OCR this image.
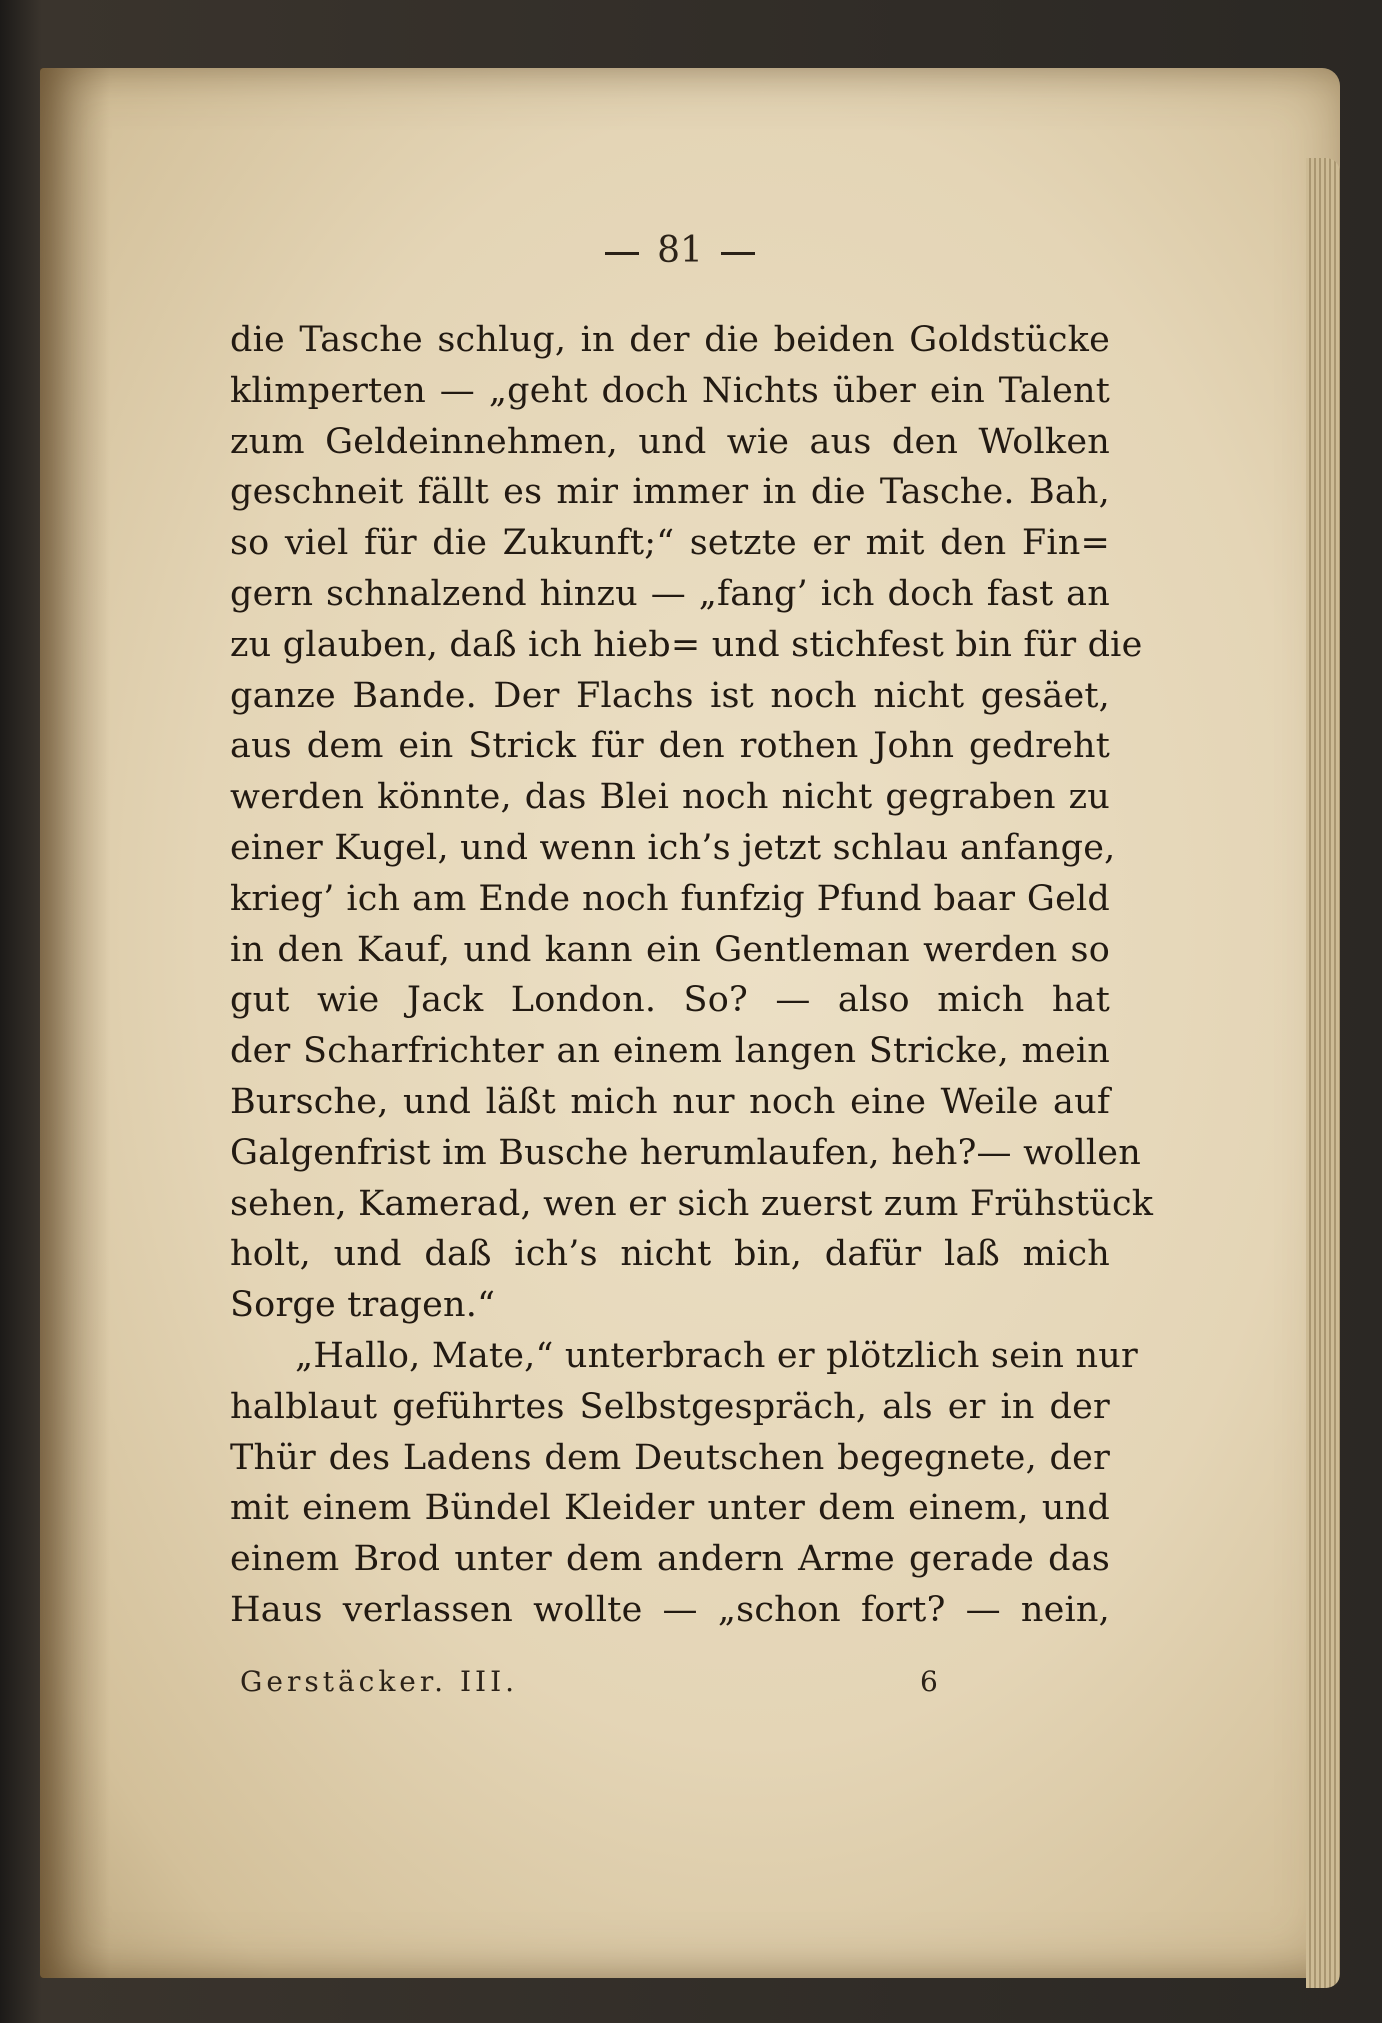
81
die Tasche schlug, in der die beiden Goldstücke
klimperten — „geht doch Nichts über ein Talent
zum Geldeinnehmen, und wie aus den Wolken
geschneit fällt es mir immer in die Tasche. Bah,
so viel für die Zukunft;“ setzte er mit den Fin=
gern schnalzend hinzu — „fang’ ich doch fast an
zu glauben, daß ich hieb= und stichfest bin für die
ganze Bande. Der Flachs ist noch nicht gesäet,
aus dem ein Strick für den rothen John gedreht
werden könnte, das Blei noch nicht gegraben zu
einer Kugel, und wenn ich’s jetzt schlau anfange,
krieg’ ich am Ende noch funfzig Pfund baar Geld
in den Kauf, und kann ein Gentleman werden so
gut wie Jack London. So? — also mich hat
der Scharfrichter an einem langen Stricke, mein
Bursche, und läßt mich nur noch eine Weile auf
Galgenfrist im Busche herumlaufen, heh?— wollen
sehen, Kamerad, wen er sich zuerst zum Frühstück
holt, und daß ich’s nicht bin, dafür laß mich
Sorge tragen.“
„Hallo, Mate,“ unterbrach er plötzlich sein nur
halblaut geführtes Selbstgespräch, als er in der
Thür des Ladens dem Deutschen begegnete, der
mit einem Bündel Kleider unter dem einem, und
einem Brod unter dem andern Arme gerade das
Haus verlassen wollte — „schon fort? — nein,
Gerstäcker. III.	6
